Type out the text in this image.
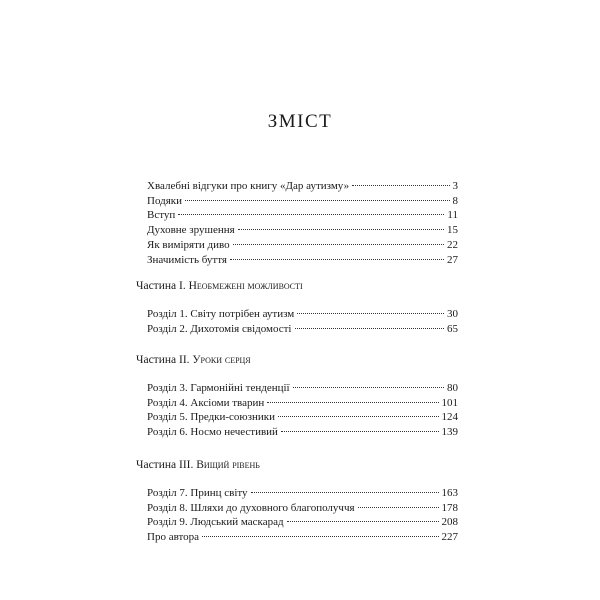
ЗМІСТ
Хвалебні відгуки про книгу «Дар аутизму»	3
Подяки	8
Вступ	11
Духовне зрушення	15
Як виміряти диво	22
Значимість буття	27
Частина I. Необмежені можливості
Розділ 1. Світу потрібен аутизм	30
Розділ 2. Дихотомія свідомості	65
Частина II. Уроки серця
Розділ 3. Гармонійні тенденції	80
Розділ 4. Аксіоми тварин	101
Розділ 5. Предки-союзники	124
Розділ 6. Носмо нечестивий	139
Частина III. Вищий рівень
Розділ 7. Принц світу	163
Розділ 8. Шляхи до духовного благополуччя	178
Розділ 9. Людський маскарад	208
Про автора	227
